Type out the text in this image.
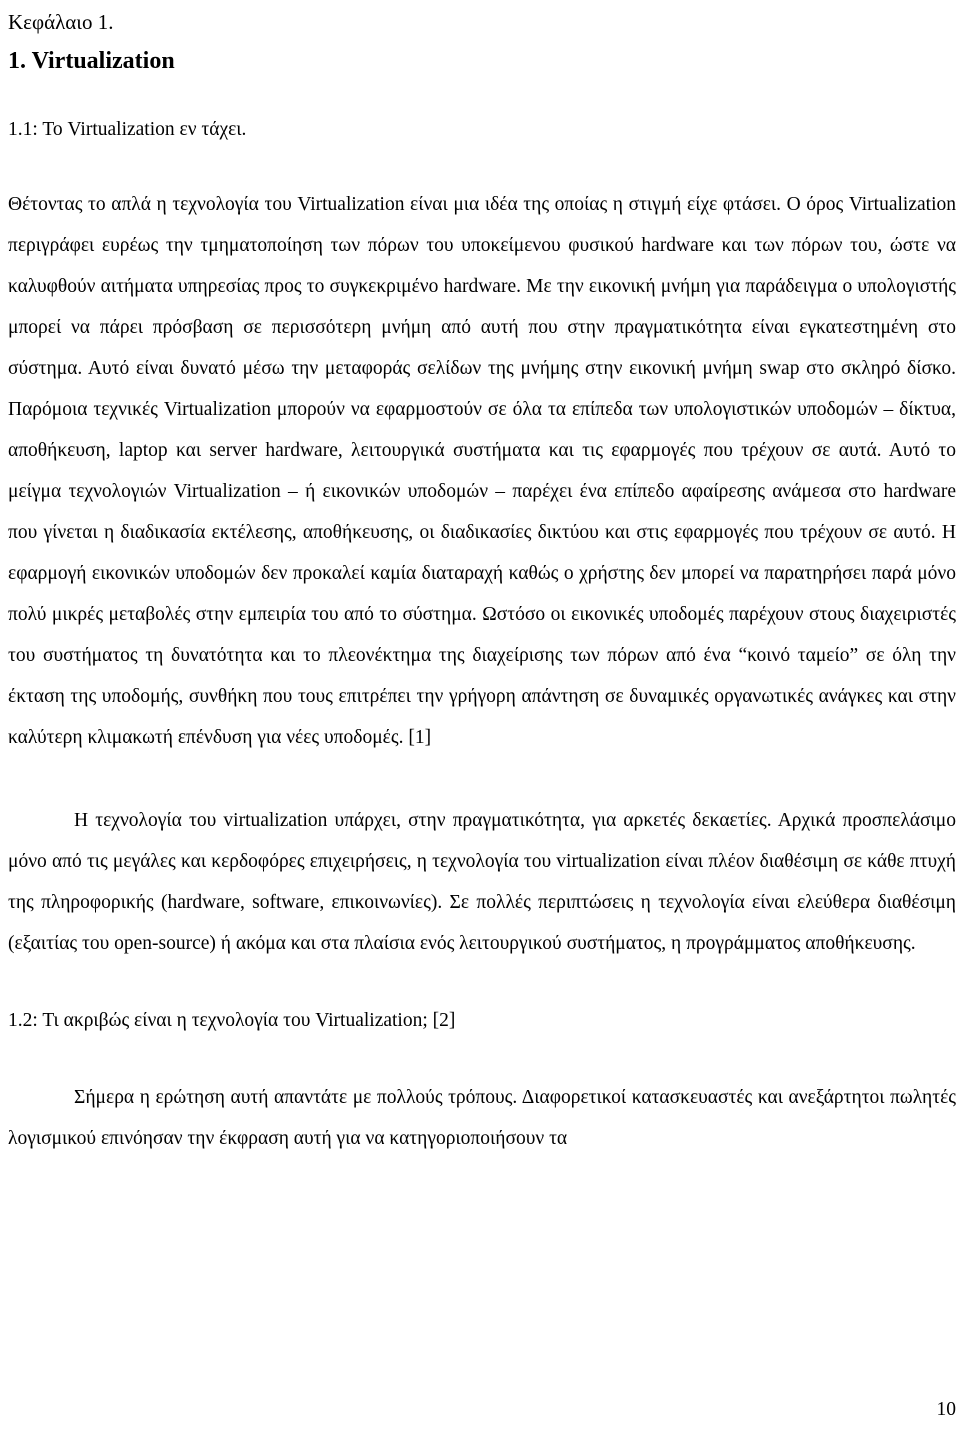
Κεφάλαιο 1.
1. Virtualization
1.1: Το Virtualization εν τάχει.

Θέτοντας το απλά η τεχνολογία του Virtualization είναι μια ιδέα της οποίας η στιγμή είχε φτάσει. Ο όρος Virtualization περιγράφει ευρέως την τμηματοποίηση των πόρων του υποκείμενου φυσικού hardware και των πόρων του, ώστε να καλυφθούν αιτήματα υπηρεσίας προς το συγκεκριμένο hardware. Με την εικονική μνήμη για παράδειγμα ο υπολογιστής μπορεί να πάρει πρόσβαση σε περισσότερη μνήμη από αυτή που στην πραγματικότητα είναι εγκατεστημένη στο σύστημα. Αυτό είναι δυνατό μέσω την μεταφοράς σελίδων της μνήμης στην εικονική μνήμη swap στο σκληρό δίσκο. Παρόμοια τεχνικές Virtualization μπορούν να εφαρμοστούν σε όλα τα επίπεδα των υπολογιστικών υποδομών – δίκτυα, αποθήκευση, laptop και server hardware, λειτουργικά συστήματα και τις εφαρμογές που τρέχουν σε αυτά. Αυτό το μείγμα τεχνολογιών Virtualization – ή εικονικών υποδομών – παρέχει ένα επίπεδο αφαίρεσης ανάμεσα στο hardware που γίνεται η διαδικασία εκτέλεσης, αποθήκευσης, οι διαδικασίες δικτύου και στις εφαρμογές που τρέχουν σε αυτό. Η εφαρμογή εικονικών υποδομών δεν προκαλεί καμία διαταραχή καθώς ο χρήστης δεν μπορεί να παρατηρήσει παρά μόνο πολύ μικρές μεταβολές στην εμπειρία του από το σύστημα. Ωστόσο οι εικονικές υποδομές παρέχουν στους διαχειριστές του συστήματος τη δυνατότητα και το πλεονέκτημα της διαχείρισης των πόρων από ένα “κοινό ταμείο” σε όλη την έκταση της υποδομής, συνθήκη που τους επιτρέπει την γρήγορη απάντηση σε δυναμικές οργανωτικές ανάγκες και στην καλύτερη κλιμακωτή επένδυση για νέες υποδομές. [1]

Η τεχνολογία του virtualization υπάρχει, στην πραγματικότητα, για αρκετές δεκαετίες. Αρχικά προσπελάσιμο μόνο από τις μεγάλες και κερδοφόρες επιχειρήσεις, η τεχνολογία του virtualization είναι πλέον διαθέσιμη σε κάθε πτυχή της πληροφορικής (hardware, software, επικοινωνίες). Σε πολλές περιπτώσεις η τεχνολογία είναι ελεύθερα διαθέσιμη (εξαιτίας του open-source) ή ακόμα και στα πλαίσια ενός λειτουργικού συστήματος, η προγράμματος αποθήκευσης.

1.2: Τι ακριβώς είναι η τεχνολογία του Virtualization; [2]

Σήμερα η ερώτηση αυτή απαντάτε με πολλούς τρόπους. Διαφορετικοί κατασκευαστές και ανεξάρτητοι πωλητές λογισμικού επινόησαν την έκφραση αυτή για να κατηγοριοποιήσουν τα

10
